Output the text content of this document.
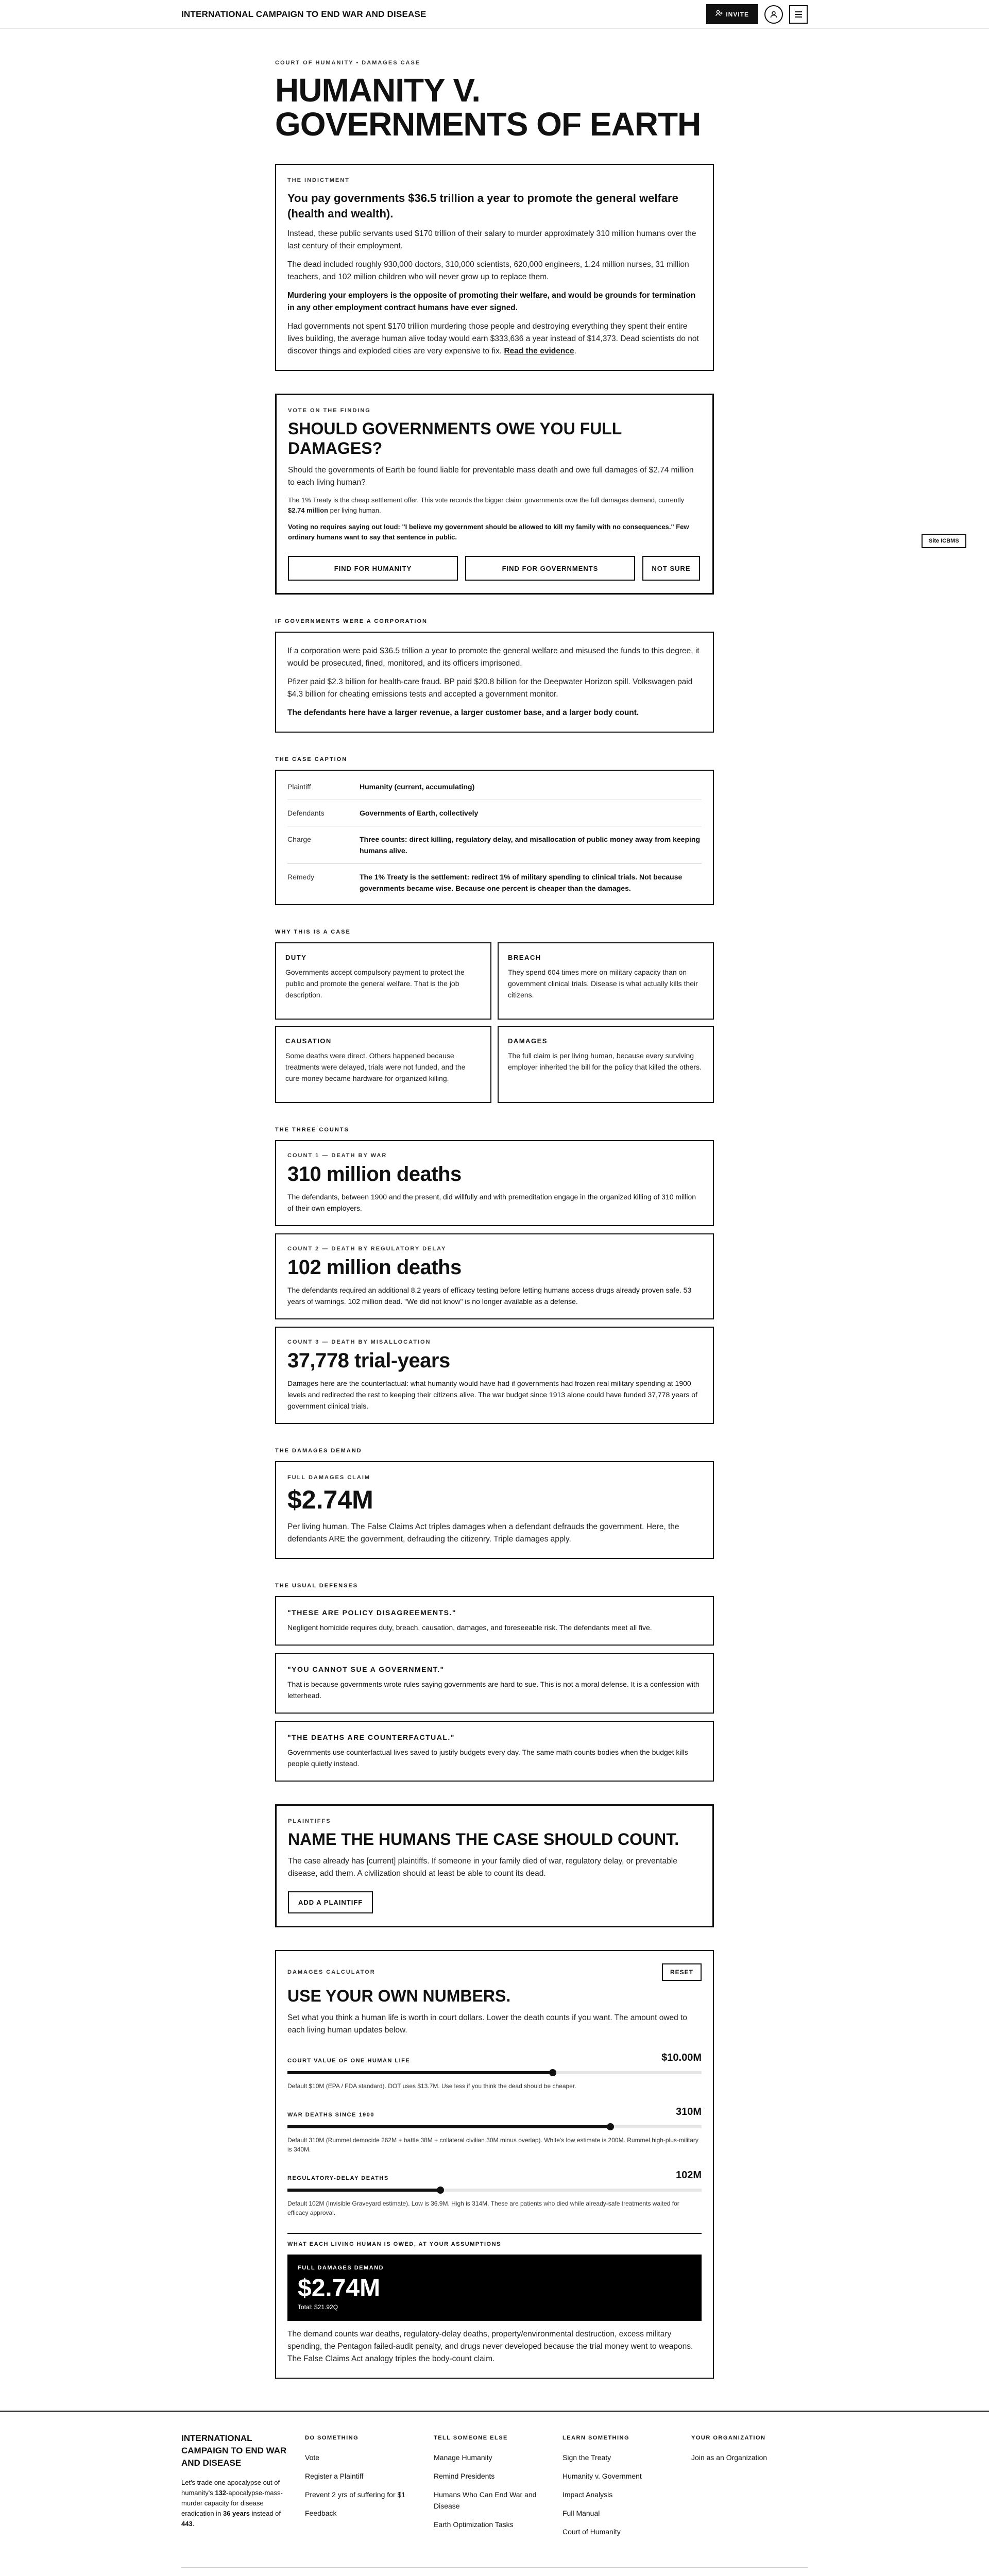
INTERNATIONAL CAMPAIGN TO END WAR AND DISEASE	INVITE
Site ICBMS
COURT OF HUMANITY • DAMAGES CASE
HUMANITY V.
GOVERNMENTS OF EARTH
THE INDICTMENT

You pay governments $36.5 trillion a year to promote the general welfare (health and wealth).

Instead, these public servants used $170 trillion of their salary to murder approximately 310 million humans over the last century of their employment.

The dead included roughly 930,000 doctors, 310,000 scientists, 620,000 engineers, 1.24 million nurses, 31 million teachers, and 102 million children who will never grow up to replace them.

Murdering your employers is the opposite of promoting their welfare, and would be grounds for termination in any other employment contract humans have ever signed.

Had governments not spent $170 trillion murdering those people and destroying everything they spent their entire lives building, the average human alive today would earn $333,636 a year instead of $14,373. Dead scientists do not discover things and exploded cities are very expensive to fix. Read the evidence.

VOTE ON THE FINDING
SHOULD GOVERNMENTS OWE YOU FULL DAMAGES?

Should the governments of Earth be found liable for preventable mass death and owe full damages of $2.74 million to each living human?

The 1% Treaty is the cheap settlement offer. This vote records the bigger claim: governments owe the full damages demand, currently $2.74 million per living human.

Voting no requires saying out loud: "I believe my government should be allowed to kill my family with no consequences." Few ordinary humans want to say that sentence in public.

FIND FOR HUMANITY	FIND FOR GOVERNMENTS	NOT SURE
IF GOVERNMENTS WERE A CORPORATION

If a corporation were paid $36.5 trillion a year to promote the general welfare and misused the funds to this degree, it would be prosecuted, fined, monitored, and its officers imprisoned.

Pfizer paid $2.3 billion for health-care fraud. BP paid $20.8 billion for the Deepwater Horizon spill. Volkswagen paid $4.3 billion for cheating emissions tests and accepted a government monitor.

The defendants here have a larger revenue, a larger customer base, and a larger body count.

THE CASE CAPTION
Plaintiff	Humanity (current, accumulating)
Defendants	Governments of Earth, collectively
Charge	Three counts: direct killing, regulatory delay, and misallocation of public money away from keeping humans alive.
Remedy	The 1% Treaty is the settlement: redirect 1% of military spending to clinical trials. Not because governments became wise. Because one percent is cheaper than the damages.
WHY THIS IS A CASE
DUTY

Governments accept compulsory payment to protect the public and promote the general welfare. That is the job description.

BREACH

They spend 604 times more on military capacity than on government clinical trials. Disease is what actually kills their citizens.

CAUSATION

Some deaths were direct. Others happened because treatments were delayed, trials were not funded, and the cure money became hardware for organized killing.

DAMAGES

The full claim is per living human, because every surviving employer inherited the bill for the policy that killed the others.

THE THREE COUNTS
COUNT 1 — DEATH BY WAR
310 million deaths

The defendants, between 1900 and the present, did willfully and with premeditation engage in the organized killing of 310 million of their own employers.

COUNT 2 — DEATH BY REGULATORY DELAY
102 million deaths

The defendants required an additional 8.2 years of efficacy testing before letting humans access drugs already proven safe. 53 years of warnings. 102 million dead. "We did not know" is no longer available as a defense.

COUNT 3 — DEATH BY MISALLOCATION
37,778 trial-years

Damages here are the counterfactual: what humanity would have had if governments had frozen real military spending at 1900 levels and redirected the rest to keeping their citizens alive. The war budget since 1913 alone could have funded 37,778 years of government clinical trials.

THE DAMAGES DEMAND
FULL DAMAGES CLAIM
$2.74M

Per living human. The False Claims Act triples damages when a defendant defrauds the government. Here, the defendants ARE the government, defrauding the citizenry. Triple damages apply.

THE USUAL DEFENSES
"THESE ARE POLICY DISAGREEMENTS."

Negligent homicide requires duty, breach, causation, damages, and foreseeable risk. The defendants meet all five.

"YOU CANNOT SUE A GOVERNMENT."

That is because governments wrote rules saying governments are hard to sue. This is not a moral defense. It is a confession with letterhead.

"THE DEATHS ARE COUNTERFACTUAL."

Governments use counterfactual lives saved to justify budgets every day. The same math counts bodies when the budget kills people quietly instead.

PLAINTIFFS
NAME THE HUMANS THE CASE SHOULD COUNT.

The case already has [current] plaintiffs. If someone in your family died of war, regulatory delay, or preventable disease, add them. A civilization should at least be able to count its dead.

ADD A PLAINTIFF
DAMAGES CALCULATOR	RESET
USE YOUR OWN NUMBERS.

Set what you think a human life is worth in court dollars. Lower the death counts if you want. The amount owed to each living human updates below.

COURT VALUE OF ONE HUMAN LIFE	$10.00M
Default $10M (EPA / FDA standard). DOT uses $13.7M. Use less if you think the dead should be cheaper.
WAR DEATHS SINCE 1900	310M
Default 310M (Rummel democide 262M + battle 38M + collateral civilian 30M minus overlap). White's low estimate is 200M. Rummel high-plus-military is 340M.
REGULATORY-DELAY DEATHS	102M
Default 102M (Invisible Graveyard estimate). Low is 36.9M. High is 314M. These are patients who died while already-safe treatments waited for efficacy approval.
WHAT EACH LIVING HUMAN IS OWED, AT YOUR ASSUMPTIONS
FULL DAMAGES DEMAND
$2.74M
Total: $21.92Q

The demand counts war deaths, regulatory-delay deaths, property/environmental destruction, excess military spending, the Pentagon failed-audit penalty, and drugs never developed because the trial money went to weapons. The False Claims Act analogy triples the body-count claim.

INTERNATIONAL CAMPAIGN TO END WAR AND DISEASE
Let's trade one apocalypse out of humanity's 132-apocalypse-mass-murder capacity for disease eradication in 36 years instead of 443.
DO SOMETHING
Vote
Register a Plaintiff
Prevent 2 yrs of suffering for $1
Feedback
TELL SOMEONE ELSE
Manage Humanity
Remind Presidents
Humans Who Can End War and Disease
Earth Optimization Tasks
LEARN SOMETHING
Sign the Treaty
Humanity v. Government
Impact Analysis
Full Manual
Court of Humanity
YOUR ORGANIZATION
Join as an Organization
